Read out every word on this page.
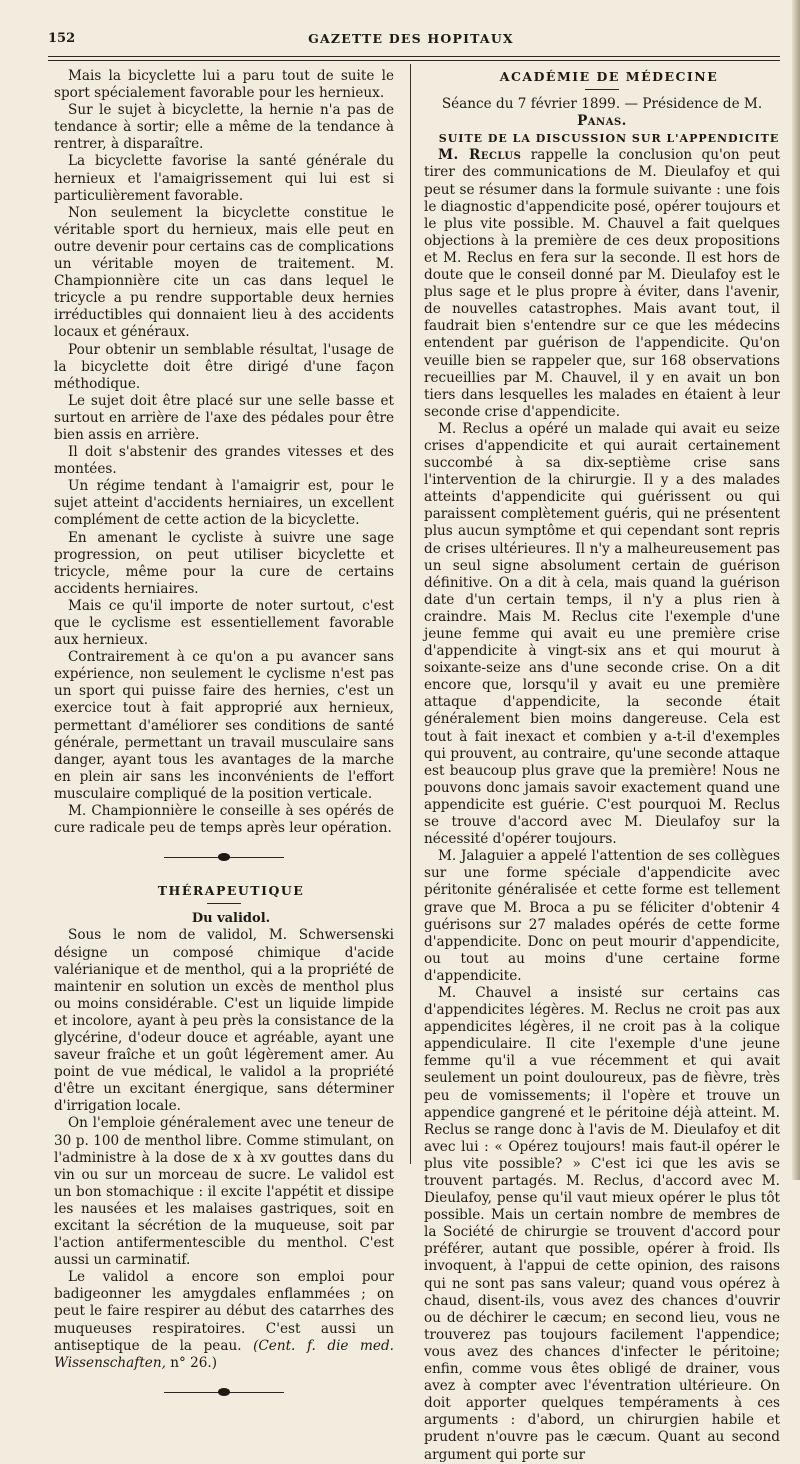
152	GAZETTE DES HOPITAUX

Mais la bicyclette lui a paru tout de suite le sport spécialement favorable pour les hernieux.

Sur le sujet à bicyclette, la hernie n'a pas de tendance à sortir; elle a même de la tendance à rentrer, à disparaître.

La bicyclette favorise la santé générale du hernieux et l'amaigrissement qui lui est si particulièrement favorable.

Non seulement la bicyclette constitue le véritable sport du hernieux, mais elle peut en outre devenir pour certains cas de complications un véritable moyen de traitement. M. Championnière cite un cas dans lequel le tricycle a pu rendre supportable deux hernies irréductibles qui donnaient lieu à des accidents locaux et généraux.

Pour obtenir un semblable résultat, l'usage de la bicyclette doit être dirigé d'une façon méthodique.

Le sujet doit être placé sur une selle basse et surtout en arrière de l'axe des pédales pour être bien assis en arrière.

Il doit s'abstenir des grandes vitesses et des montées.

Un régime tendant à l'amaigrir est, pour le sujet atteint d'accidents herniaires, un excellent complément de cette action de la bicyclette.

En amenant le cycliste à suivre une sage progression, on peut utiliser bicyclette et tricycle, même pour la cure de certains accidents herniaires.

Mais ce qu'il importe de noter surtout, c'est que le cyclisme est essentiellement favorable aux hernieux.

Contrairement à ce qu'on a pu avancer sans expérience, non seulement le cyclisme n'est pas un sport qui puisse faire des hernies, c'est un exercice tout à fait approprié aux hernieux, permettant d'améliorer ses conditions de santé générale, permettant un travail musculaire sans danger, ayant tous les avantages de la marche en plein air sans les inconvénients de l'effort musculaire compliqué de la position verticale.

M. Championnière le conseille à ses opérés de cure radicale peu de temps après leur opération.

THÉRAPEUTIQUE

Du validol.

Sous le nom de validol, M. Schwersenski désigne un composé chimique d'acide valérianique et de menthol, qui a la propriété de maintenir en solution un excès de menthol plus ou moins considérable. C'est un liquide limpide et incolore, ayant à peu près la consistance de la glycérine, d'odeur douce et agréable, ayant une saveur fraîche et un goût légèrement amer. Au point de vue médical, le validol a la propriété d'être un excitant énergique, sans déterminer d'irrigation locale.

On l'emploie généralement avec une teneur de 30 p. 100 de menthol libre. Comme stimulant, on l'administre à la dose de x à xv gouttes dans du vin ou sur un morceau de sucre. Le validol est un bon stomachique : il excite l'appétit et dissipe les nausées et les malaises gastriques, soit en excitant la sécrétion de la muqueuse, soit par l'action antifermentescible du menthol. C'est aussi un carminatif.

Le validol a encore son emploi pour badigeonner les amygdales enflammées ; on peut le faire respirer au début des catarrhes des muqueuses respiratoires. C'est aussi un antiseptique de la peau. (Cent. f. die med. Wissenschaften, n° 26.)

ACADÉMIE DE MÉDECINE

Séance du 7 février 1899. — Présidence de M. Panas.

SUITE DE LA DISCUSSION SUR L'APPENDICITE

M. Reclus rappelle la conclusion qu'on peut tirer des communications de M. Dieulafoy et qui peut se résumer dans la formule suivante : une fois le diagnostic d'appendicite posé, opérer toujours et le plus vite possible. M. Chauvel a fait quelques objections à la première de ces deux propositions et M. Reclus en fera sur la seconde. Il est hors de doute que le conseil donné par M. Dieulafoy est le plus sage et le plus propre à éviter, dans l'avenir, de nouvelles catastrophes. Mais avant tout, il faudrait bien s'entendre sur ce que les médecins entendent par guérison de l'appendicite. Qu'on veuille bien se rappeler que, sur 168 observations recueillies par M. Chauvel, il y en avait un bon tiers dans lesquelles les malades en étaient à leur seconde crise d'appendicite.

M. Reclus a opéré un malade qui avait eu seize crises d'appendicite et qui aurait certainement succombé à sa dix-septième crise sans l'intervention de la chirurgie. Il y a des malades atteints d'appendicite qui guérissent ou qui paraissent complètement guéris, qui ne présentent plus aucun symptôme et qui cependant sont repris de crises ultérieures. Il n'y a malheureusement pas un seul signe absolument certain de guérison définitive. On a dit à cela, mais quand la guérison date d'un certain temps, il n'y a plus rien à craindre. Mais M. Reclus cite l'exemple d'une jeune femme qui avait eu une première crise d'appendicite à vingt-six ans et qui mourut à soixante-seize ans d'une seconde crise. On a dit encore que, lorsqu'il y avait eu une première attaque d'appendicite, la seconde était généralement bien moins dangereuse. Cela est tout à fait inexact et combien y a-t-il d'exemples qui prouvent, au contraire, qu'une seconde attaque est beaucoup plus grave que la première! Nous ne pouvons donc jamais savoir exactement quand une appendicite est guérie. C'est pourquoi M. Reclus se trouve d'accord avec M. Dieulafoy sur la nécessité d'opérer toujours.

M. Jalaguier a appelé l'attention de ses collègues sur une forme spéciale d'appendicite avec péritonite généralisée et cette forme est tellement grave que M. Broca a pu se féliciter d'obtenir 4 guérisons sur 27 malades opérés de cette forme d'appendicite. Donc on peut mourir d'appendicite, ou tout au moins d'une certaine forme d'appendicite.

M. Chauvel a insisté sur certains cas d'appendicites légères. M. Reclus ne croit pas aux appendicites légères, il ne croit pas à la colique appendiculaire. Il cite l'exemple d'une jeune femme qu'il a vue récemment et qui avait seulement un point douloureux, pas de fièvre, très peu de vomissements; il l'opère et trouve un appendice gangrené et le péritoine déjà atteint. M. Reclus se range donc à l'avis de M. Dieulafoy et dit avec lui : « Opérez toujours! mais faut-il opérer le plus vite possible? » C'est ici que les avis se trouvent partagés. M. Reclus, d'accord avec M. Dieulafoy, pense qu'il vaut mieux opérer le plus tôt possible. Mais un certain nombre de membres de la Société de chirurgie se trouvent d'accord pour préférer, autant que possible, opérer à froid. Ils invoquent, à l'appui de cette opinion, des raisons qui ne sont pas sans valeur; quand vous opérez à chaud, disent-ils, vous avez des chances d'ouvrir ou de déchirer le cæcum; en second lieu, vous ne trouverez pas toujours facilement l'appendice; vous avez des chances d'infecter le péritoine; enfin, comme vous êtes obligé de drainer, vous avez à compter avec l'éventration ultérieure. On doit apporter quelques tempéraments à ces arguments : d'abord, un chirurgien habile et prudent n'ouvre pas le cæcum. Quant au second argument qui porte sur
